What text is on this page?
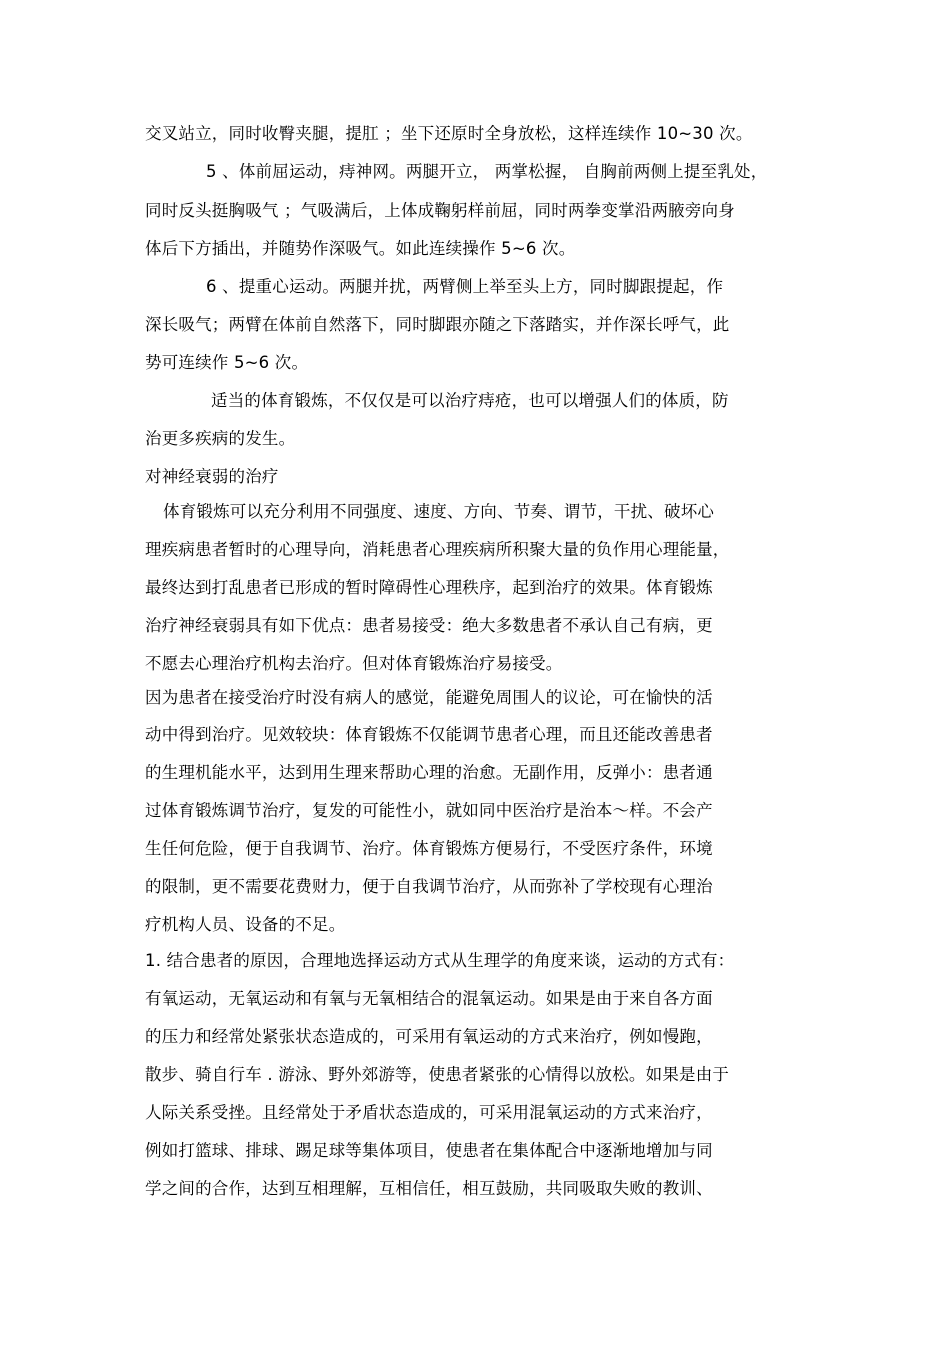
交叉站立，同时收臀夹腿，提肛 ；坐下还原时全身放松，这样连续作 10~30 次。
5 、体前屈运动，痔神网。两腿开立， 两掌松握， 自胸前两侧上提至乳处，
同时反头挺胸吸气 ；气吸满后，上体成鞠躬样前屈，同时两拳变掌沿两腋旁向身
体后下方插出，并随势作深吸气。如此连续操作 5~6 次。
6 、提重心运动。两腿并扰，两臂侧上举至头上方，同时脚跟提起，作
深长吸气；两臂在体前自然落下，同时脚跟亦随之下落踏实，并作深长呼气，此
势可连续作 5~6 次。
适当的体育锻炼，不仅仅是可以治疗痔疮，也可以增强人们的体质，防
治更多疾病的发生。
对神经衰弱的治疗
体育锻炼可以充分利用不同强度、速度、方向、节奏、谓节，干扰、破坏心
理疾病患者暂时的心理导向，消耗患者心理疾病所积聚大量的负作用心理能量，
最终达到打乱患者已形成的暂时障碍性心理秩序，起到治疗的效果。体育锻炼
治疗神经衰弱具有如下优点：患者易接受：绝大多数患者不承认自己有病，更
不愿去心理治疗机构去治疗。但对体育锻炼治疗易接受。
因为患者在接受治疗时没有病人的感觉，能避免周围人的议论，可在愉快的活
动中得到治疗。见效较块：体育锻炼不仅能调节患者心理，而且还能改善患者
的生理机能水平，达到用生理来帮助心理的治愈。无副作用，反弹小：患者通
过体育锻炼调节治疗，复发的可能性小，就如同中医治疗是治本～样。不会产
生任何危险，便于自我调节、治疗。体育锻炼方便易行，不受医疗条件，环境
的限制，更不需要花费财力，便于自我调节治疗，从而弥补了学校现有心理治
疗机构人员、设备的不足。
1. 结合患者的原因，合理地选择运动方式从生理学的角度来谈，运动的方式有：
有氧运动，无氧运动和有氧与无氧相结合的混氧运动。如果是由于来自各方面
的压力和经常处紧张状态造成的，可采用有氧运动的方式来治疗，例如慢跑，
散步、骑自行车 . 游泳、野外郊游等，使患者紧张的心情得以放松。如果是由于
人际关系受挫。且经常处于矛盾状态造成的，可采用混氧运动的方式来治疗，
例如打篮球、排球、踢足球等集体项目，使患者在集体配合中逐渐地增加与同
学之间的合作，达到互相理解，互相信任，相互鼓励，共同吸取失败的教训、
